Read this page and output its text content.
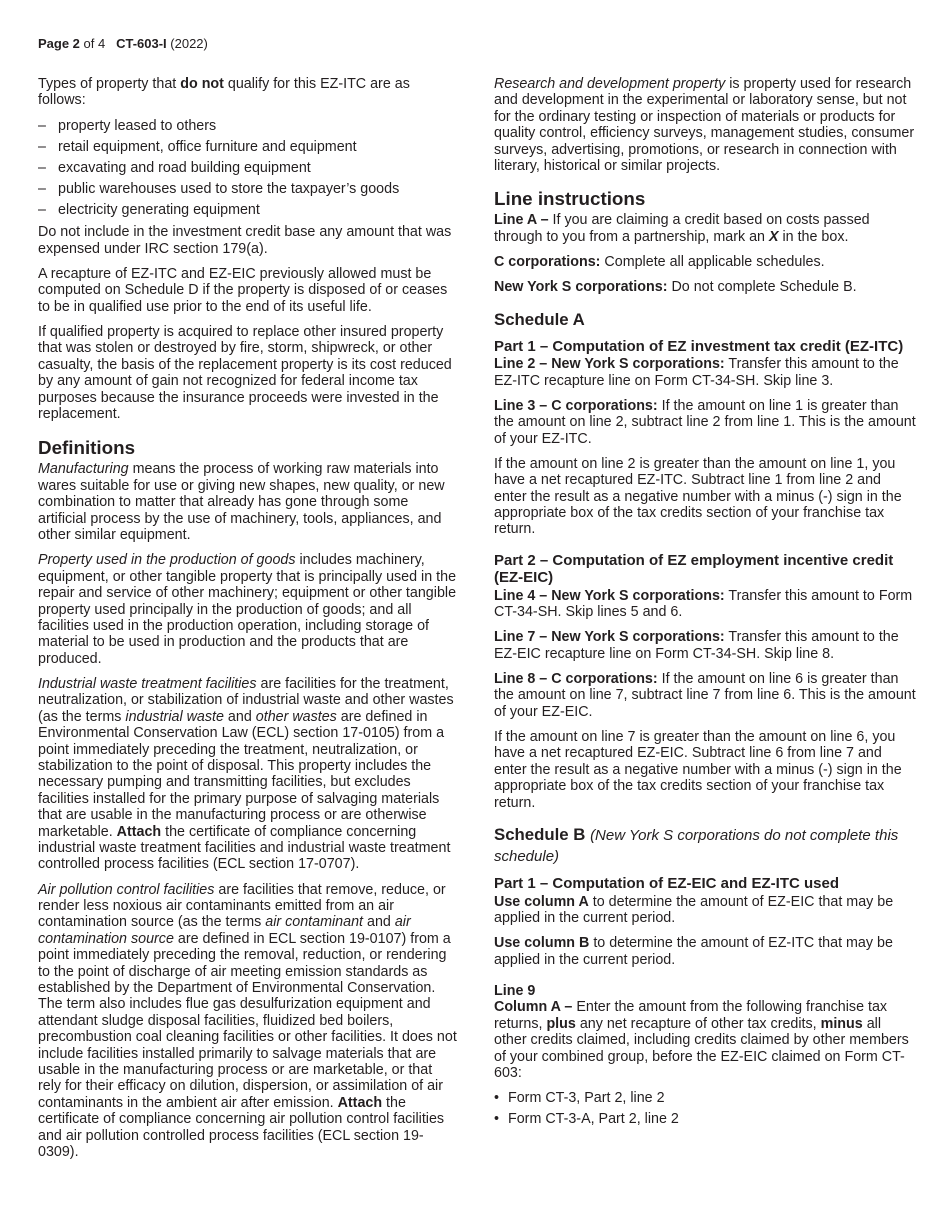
Page 2 of 4 CT-603-I (2022)

Types of property that do not qualify for this EZ-ITC are as follows:

– property leased to others
– retail equipment, office furniture and equipment
– excavating and road building equipment
– public warehouses used to store the taxpayer’s goods
– electricity generating equipment

Do not include in the investment credit base any amount that was expensed under IRC section 179(a).

A recapture of EZ-ITC and EZ-EIC previously allowed must be computed on Schedule D if the property is disposed of or ceases to be in qualified use prior to the end of its useful life.

If qualified property is acquired to replace other insured property that was stolen or destroyed by fire, storm, shipwreck, or other casualty, the basis of the replacement property is its cost reduced by any amount of gain not recognized for federal income tax purposes because the insurance proceeds were invested in the replacement.

Definitions

Manufacturing means the process of working raw materials into wares suitable for use or giving new shapes, new quality, or new combination to matter that already has gone through some artificial process by the use of machinery, tools, appliances, and other similar equipment.

Property used in the production of goods includes machinery, equipment, or other tangible property that is principally used in the repair and service of other machinery; equipment or other tangible property used principally in the production of goods; and all facilities used in the production operation, including storage of material to be used in production and the products that are produced.

Industrial waste treatment facilities are facilities for the treatment, neutralization, or stabilization of industrial waste and other wastes (as the terms industrial waste and other wastes are defined in Environmental Conservation Law (ECL) section 17-0105) from a point immediately preceding the treatment, neutralization, or stabilization to the point of disposal. This property includes the necessary pumping and transmitting facilities, but excludes facilities installed for the primary purpose of salvaging materials that are usable in the manufacturing process or are otherwise marketable. Attach the certificate of compliance concerning industrial waste treatment facilities and industrial waste treatment controlled process facilities (ECL section 17-0707).

Air pollution control facilities are facilities that remove, reduce, or render less noxious air contaminants emitted from an air contamination source (as the terms air contaminant and air contamination source are defined in ECL section 19-0107) from a point immediately preceding the removal, reduction, or rendering to the point of discharge of air meeting emission standards as established by the Department of Environmental Conservation. The term also includes flue gas desulfurization equipment and attendant sludge disposal facilities, fluidized bed boilers, precombustion coal cleaning facilities or other facilities. It does not include facilities installed primarily to salvage materials that are usable in the manufacturing process or are marketable, or that rely for their efficacy on dilution, dispersion, or assimilation of air contaminants in the ambient air after emission. Attach the certificate of compliance concerning air pollution control facilities and air pollution controlled process facilities (ECL section 19-0309).

Research and development property is property used for research and development in the experimental or laboratory sense, but not for the ordinary testing or inspection of materials or products for quality control, efficiency surveys, management studies, consumer surveys, advertising, promotions, or research in connection with literary, historical or similar projects.

Line instructions

Line A – If you are claiming a credit based on costs passed through to you from a partnership, mark an X in the box.

C corporations: Complete all applicable schedules.

New York S corporations: Do not complete Schedule B.

Schedule A
Part 1 – Computation of EZ investment tax credit (EZ-ITC)

Line 2 – New York S corporations: Transfer this amount to the EZ-ITC recapture line on Form CT-34-SH. Skip line 3.

Line 3 – C corporations: If the amount on line 1 is greater than the amount on line 2, subtract line 2 from line 1. This is the amount of your EZ-ITC.

If the amount on line 2 is greater than the amount on line 1, you have a net recaptured EZ-ITC. Subtract line 1 from line 2 and enter the result as a negative number with a minus (-) sign in the appropriate box of the tax credits section of your franchise tax return.

Part 2 – Computation of EZ employment incentive credit (EZ-EIC)

Line 4 – New York S corporations: Transfer this amount to Form CT-34-SH. Skip lines 5 and 6.

Line 7 – New York S corporations: Transfer this amount to the EZ-EIC recapture line on Form CT-34-SH. Skip line 8.

Line 8 – C corporations: If the amount on line 6 is greater than the amount on line 7, subtract line 7 from line 6. This is the amount of your EZ-EIC.

If the amount on line 7 is greater than the amount on line 6, you have a net recaptured EZ-EIC. Subtract line 6 from line 7 and enter the result as a negative number with a minus (-) sign in the appropriate box of the tax credits section of your franchise tax return.

Schedule B (New York S corporations do not complete this schedule)
Part 1 – Computation of EZ-EIC and EZ-ITC used

Use column A to determine the amount of EZ-EIC that may be applied in the current period.

Use column B to determine the amount of EZ-ITC that may be applied in the current period.

Line 9

Column A – Enter the amount from the following franchise tax returns, plus any net recapture of other tax credits, minus all other credits claimed, including credits claimed by other members of your combined group, before the EZ-EIC claimed on Form CT-603:

• Form CT-3, Part 2, line 2
• Form CT-3-A, Part 2, line 2
